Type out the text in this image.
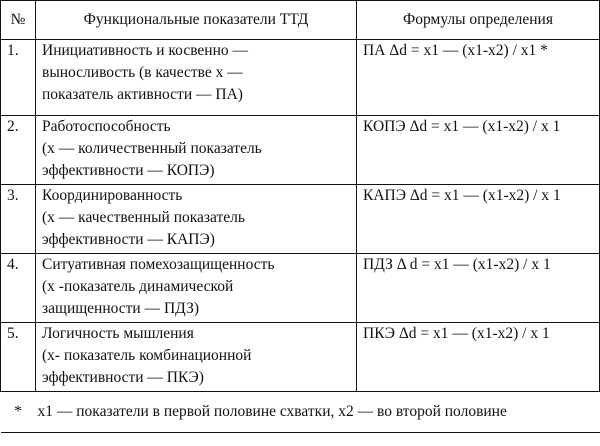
№	Функциональные показатели ТТД	Формулы определения
1.	Инициативность и косвенно —
выносливость (в качестве х —
показатель активности — ПА)	ПА Δd = x1 — (x1-x2) / x1 *
2.	Работоспособность
(х — количественный показатель
эффективности — КОПЭ)	КОПЭ Δd = x1 — (x1-x2) / x 1
3.	Координированность
(х — качественный показатель
эффективности — КАПЭ)	КАПЭ Δd = x1 — (x1-x2) / x 1
4.	Ситуативная помехозащищенность
(х -показатель динамической
защищенности — ПДЗ)	ПДЗ Δ d = x1 — (x1-x2) / x 1
5.	Логичность мышления
(х- показатель комбинационной
эффективности — ПКЭ)	ПКЭ Δd = x1 — (x1-x2) / x 1
*	x1 — показатели в первой половине схватки, x2 — во второй половине	
